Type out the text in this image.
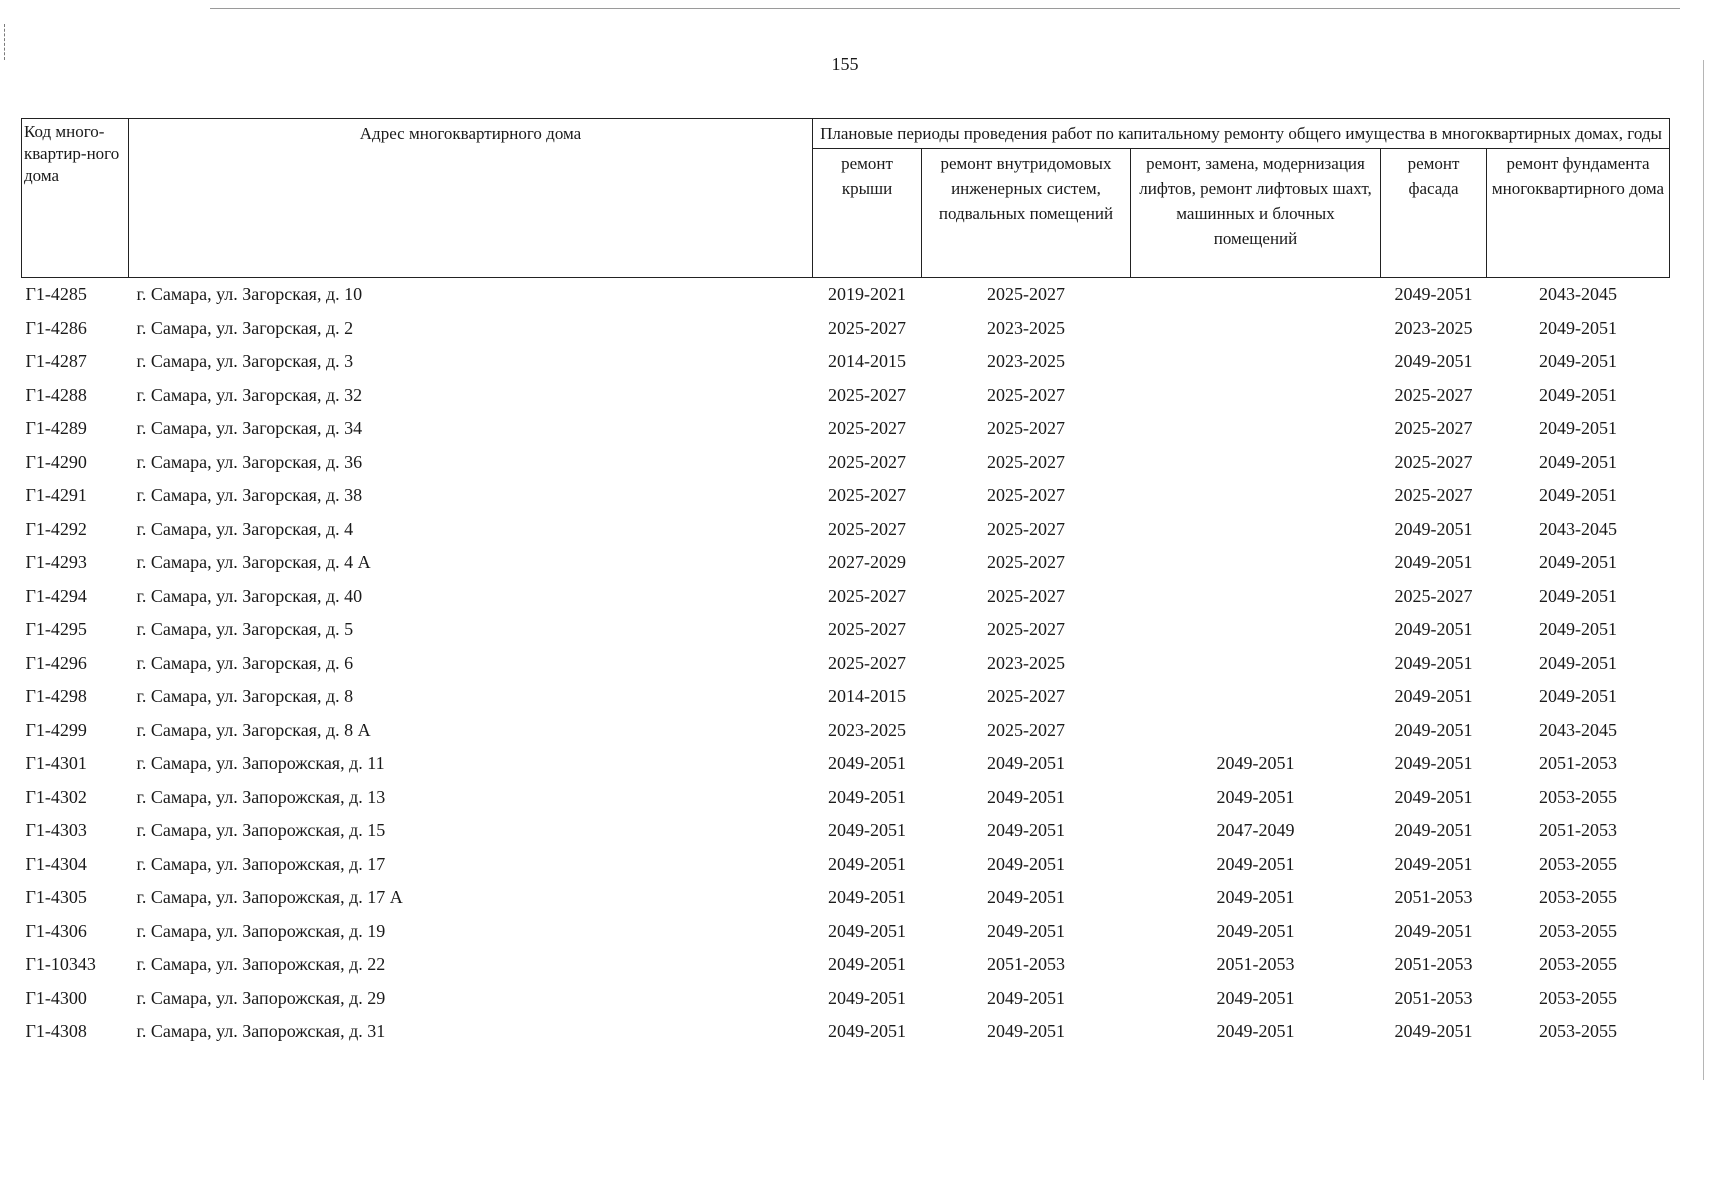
155
Код много-квартир-ного дома	Адрес многоквартирного дома	Плановые периоды проведения работ по капитальному ремонту общего имущества в многоквартирных домах, годы				
		ремонт крыши	ремонт внутридомовых инженерных систем, подвальных помещений	ремонт, замена, модернизация лифтов, ремонт лифтовых шахт, машинных и блочных помещений	ремонт фасада	ремонт фундамента многоквартирного дома
Г1-4285	г. Самара, ул. Загорская, д. 10	2019-2021	2025-2027		2049-2051	2043-2045
Г1-4286	г. Самара, ул. Загорская, д. 2	2025-2027	2023-2025		2023-2025	2049-2051
Г1-4287	г. Самара, ул. Загорская, д. 3	2014-2015	2023-2025		2049-2051	2049-2051
Г1-4288	г. Самара, ул. Загорская, д. 32	2025-2027	2025-2027		2025-2027	2049-2051
Г1-4289	г. Самара, ул. Загорская, д. 34	2025-2027	2025-2027		2025-2027	2049-2051
Г1-4290	г. Самара, ул. Загорская, д. 36	2025-2027	2025-2027		2025-2027	2049-2051
Г1-4291	г. Самара, ул. Загорская, д. 38	2025-2027	2025-2027		2025-2027	2049-2051
Г1-4292	г. Самара, ул. Загорская, д. 4	2025-2027	2025-2027		2049-2051	2043-2045
Г1-4293	г. Самара, ул. Загорская, д. 4 А	2027-2029	2025-2027		2049-2051	2049-2051
Г1-4294	г. Самара, ул. Загорская, д. 40	2025-2027	2025-2027		2025-2027	2049-2051
Г1-4295	г. Самара, ул. Загорская, д. 5	2025-2027	2025-2027		2049-2051	2049-2051
Г1-4296	г. Самара, ул. Загорская, д. 6	2025-2027	2023-2025		2049-2051	2049-2051
Г1-4298	г. Самара, ул. Загорская, д. 8	2014-2015	2025-2027		2049-2051	2049-2051
Г1-4299	г. Самара, ул. Загорская, д. 8 А	2023-2025	2025-2027		2049-2051	2043-2045
Г1-4301	г. Самара, ул. Запорожская, д. 11	2049-2051	2049-2051	2049-2051	2049-2051	2051-2053
Г1-4302	г. Самара, ул. Запорожская, д. 13	2049-2051	2049-2051	2049-2051	2049-2051	2053-2055
Г1-4303	г. Самара, ул. Запорожская, д. 15	2049-2051	2049-2051	2047-2049	2049-2051	2051-2053
Г1-4304	г. Самара, ул. Запорожская, д. 17	2049-2051	2049-2051	2049-2051	2049-2051	2053-2055
Г1-4305	г. Самара, ул. Запорожская, д. 17 А	2049-2051	2049-2051	2049-2051	2051-2053	2053-2055
Г1-4306	г. Самара, ул. Запорожская, д. 19	2049-2051	2049-2051	2049-2051	2049-2051	2053-2055
Г1-10343	г. Самара, ул. Запорожская, д. 22	2049-2051	2051-2053	2051-2053	2051-2053	2053-2055
Г1-4300	г. Самара, ул. Запорожская, д. 29	2049-2051	2049-2051	2049-2051	2051-2053	2053-2055
Г1-4308	г. Самара, ул. Запорожская, д. 31	2049-2051	2049-2051	2049-2051	2049-2051	2053-2055
